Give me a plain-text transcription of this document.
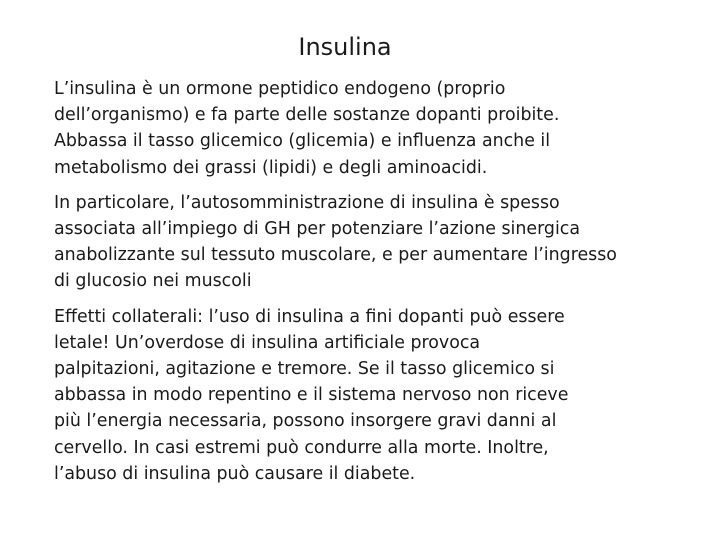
Insulina

L’insulina è un ormone peptidico endogeno (proprio
dell’organismo) e fa parte delle sostanze dopanti proibite.
Abbassa il tasso glicemico (glicemia) e influenza anche il
metabolismo dei grassi (lipidi) e degli aminoacidi.

In particolare, l’autosomministrazione di insulina è spesso
associata all’impiego di GH per potenziare l’azione sinergica
anabolizzante sul tessuto muscolare, e per aumentare l’ingresso
di glucosio nei muscoli

Effetti collaterali: l’uso di insulina a fini dopanti può essere
letale! Un’overdose di insulina artificiale provoca
palpitazioni, agitazione e tremore. Se il tasso glicemico si
abbassa in modo repentino e il sistema nervoso non riceve
più l’energia necessaria, possono insorgere gravi danni al
cervello. In casi estremi può condurre alla morte. Inoltre,
l’abuso di insulina può causare il diabete.
